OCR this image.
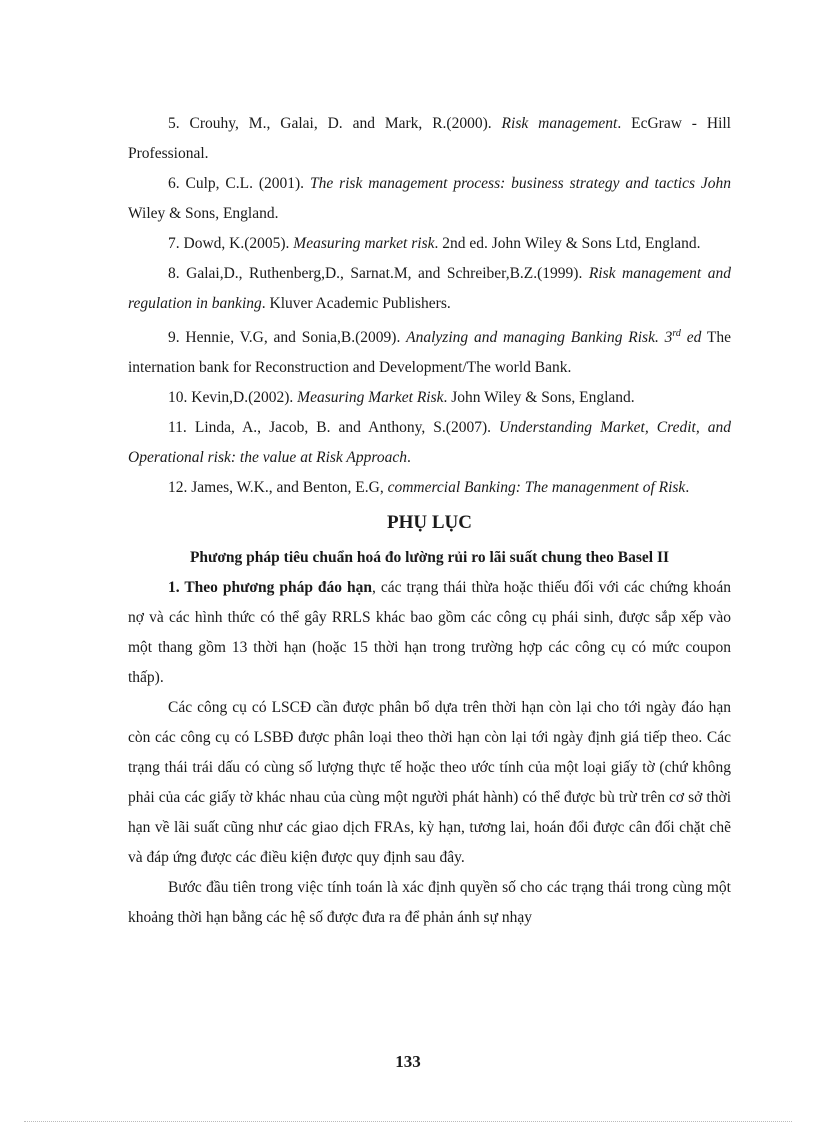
5. Crouhy, M., Galai, D. and Mark, R.(2000). Risk management. EcGraw - Hill Professional.

6. Culp, C.L. (2001). The risk management process: business strategy and tactics John Wiley & Sons, England.

7. Dowd, K.(2005). Measuring market risk. 2nd ed. John Wiley & Sons Ltd, England.

8. Galai,D., Ruthenberg,D., Sarnat.M, and Schreiber,B.Z.(1999). Risk management and regulation in banking. Kluver Academic Publishers.

9. Hennie, V.G, and Sonia,B.(2009). Analyzing and managing Banking Risk. 3rd ed The internation bank for Reconstruction and Development/The world Bank.

10. Kevin,D.(2002). Measuring Market Risk. John Wiley & Sons, England.

11. Linda, A., Jacob, B. and Anthony, S.(2007). Understanding Market, Credit, and Operational risk: the value at Risk Approach.

12. James, W.K., and Benton, E.G, commercial Banking: The managenment of Risk.

PHỤ LỤC

Phương pháp tiêu chuẩn hoá đo lường rủi ro lãi suất chung theo Basel II

1. Theo phương pháp đáo hạn, các trạng thái thừa hoặc thiếu đối với các chứng khoán nợ và các hình thức có thể gây RRLS khác bao gồm các công cụ phái sinh, được sắp xếp vào một thang gồm 13 thời hạn (hoặc 15 thời hạn trong trường hợp các công cụ có mức coupon thấp).

Các công cụ có LSCĐ cần được phân bổ dựa trên thời hạn còn lại cho tới ngày đáo hạn còn các công cụ có LSBĐ được phân loại theo thời hạn còn lại tới ngày định giá tiếp theo. Các trạng thái trái dấu có cùng số lượng thực tế hoặc theo ước tính của một loại giấy tờ (chứ không phải của các giấy tờ khác nhau của cùng một người phát hành) có thể được bù trừ trên cơ sở thời hạn về lãi suất cũng như các giao dịch FRAs, kỳ hạn, tương lai, hoán đổi được cân đối chặt chẽ và đáp ứng được các điều kiện được quy định sau đây.

Bước đầu tiên trong việc tính toán là xác định quyền số cho các trạng thái trong cùng một khoảng thời hạn bằng các hệ số được đưa ra để phản ánh sự nhạy

133
